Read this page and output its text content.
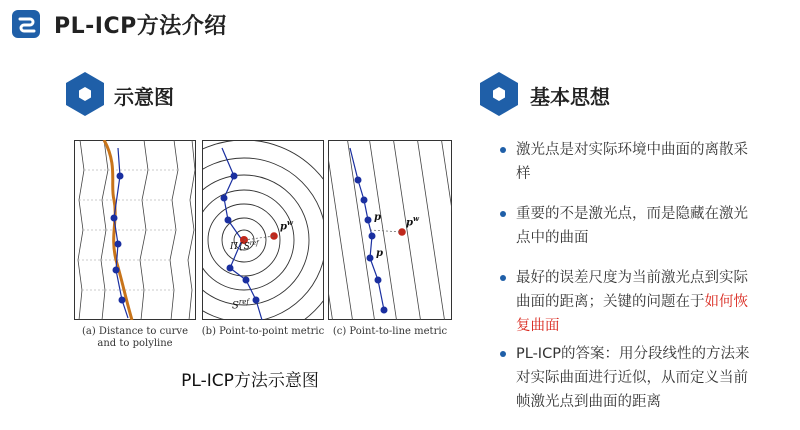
PL-ICP方法介绍
示意图	基本思想
$p^w$
$\Pi\{S^{ref}$
$S^{ref}$
$p^w$
p
p
(a) Distance to curve
and to polyline
(b) Point-to-point metric (c) Point-to-line metric
PL-ICP方法示意图
激光点是对实际环境中曲面的离散采
样
重要的不是激光点，而是隐藏在激光
点中的曲面
最好的误差尺度为当前激光点到实际
曲面的距离；关键的问题在于如何恢
复曲面
PL-ICP的答案：用分段线性的方法来
对实际曲面进行近似，从而定义当前
帧激光点到曲面的距离
